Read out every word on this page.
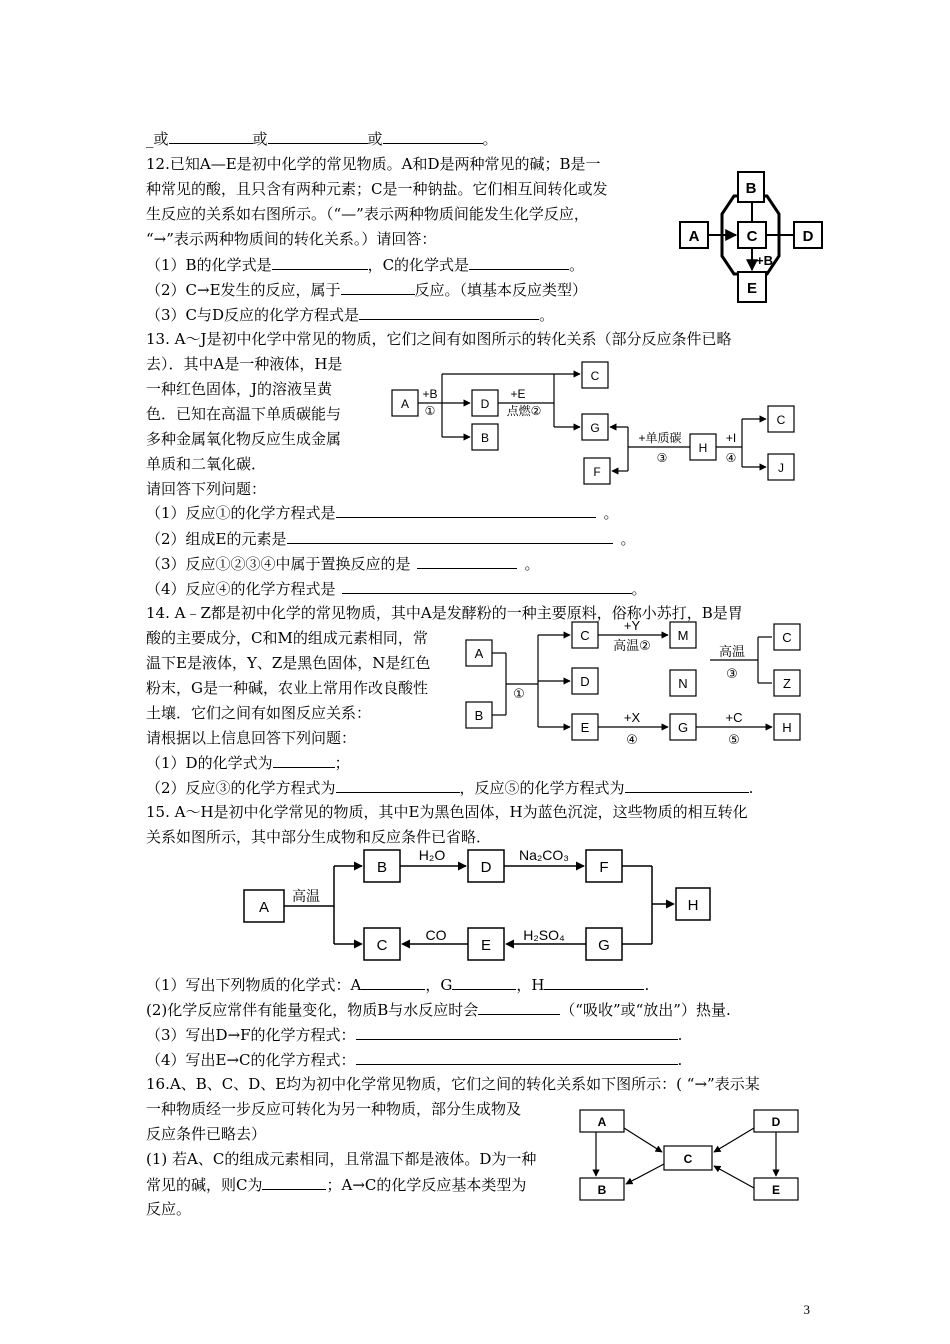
_或	或	或	。
12.已知A—E是初中化学的常见物质。A和D是两种常见的碱；B是一
种常见的酸，且只含有两种元素；C是一种钠盐。它们相互间转化或发
生反应的关系如右图所示。（“—”表示两种物质间能发生化学反应，
“→”表示两种物质间的转化关系。）请回答：
（1）B的化学式是	，C的化学式是	。
（2）C→E发生的反应，属于	反应。（填基本反应类型）
（3）C与D反应的化学方程式是	。
B
A	C	D
E
+B
13. A～J是初中化学中常见的物质，它们之间有如图所示的转化关系（部分反应条件已略
去）．其中A是一种液体，H是
一种红色固体，J的溶液呈黄
色．已知在高温下单质碳能与
多种金属氧化物反应生成金属
单质和二氧化碳．
请回答下列问题：
（1）反应①的化学方程式是	。
（2）组成E的元素是	。
（3）反应①②③④中属于置换反应的是	。
（4）反应④的化学方程式是	。
A	D
B
C
G
F
H
C
J
+B
①
+E
点燃②
+单质碳
③
+I
④
14. A﹣Z都是初中化学的常见物质，其中A是发酵粉的一种主要原料，俗称小苏打，B是胃
酸的主要成分，C和M的组成元素相同，常
温下E是液体，Y、Z是黑色固体，N是红色
粉末，G是一种碱，农业上常用作改良酸性
土壤．它们之间有如图反应关系：
请根据以上信息回答下列问题：
（1）D的化学式为	；
（2）反应③的化学方程式为	，反应⑤的化学方程式为	.
A
B
C
D
E
M
N
G
C
Z
H
①
+Y
高温②	高温
③
+X
④
+C
⑤
15. A～H是初中化学常见的物质，其中E为黑色固体，H为蓝色沉淀，这些物质的相互转化
关系如图所示，其中部分生成物和反应条件已省略．
A
B	D	F
H
C	E	G
高温
H₂O	Na₂CO₃
CO	H₂SO₄
（1）写出下列物质的化学式：A	，G	，H	.
(2)化学反应常伴有能量变化，物质B与水反应时会	（“吸收”或“放出”）热量.
（3）写出D→F的化学方程式：	.
（4）写出E→C的化学方程式：	.
16.A、B、C、D、E均为初中化学常见物质，它们之间的转化关系如下图所示：( “→”表示某
一种物质经一步反应可转化为另一种物质，部分生成物及
反应条件已略去）
(1) 若A、C的组成元素相同，且常温下都是液体。D为一种
常见的碱，则C为	；A→C的化学反应基本类型为
反应。
A
B
C
D
E
3
